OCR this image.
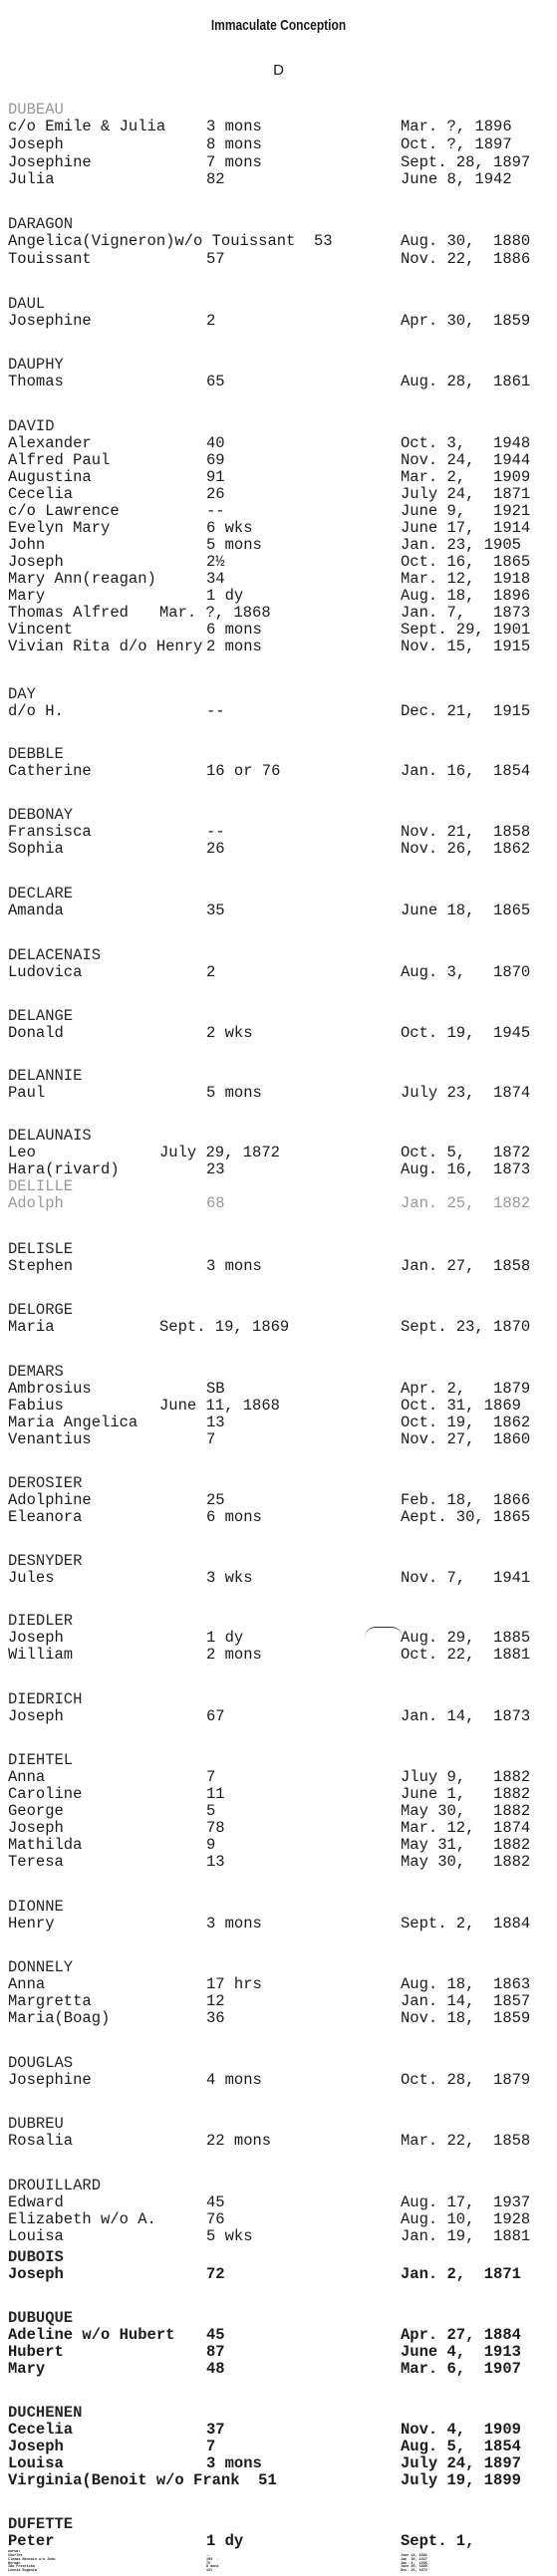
Immaculate Conception
D
DUBEAU
c/o Emile & Julia	3 mons	Mar. ?, 1896
Joseph	8 mons	Oct. ?, 1897
Josephine	7 mons	Sept. 28, 1897
Julia	82	June 8, 1942
DARAGON
Angelica(Vigneron)w/o Touissant  53	Aug. 30,  1880
Touissant	57	Nov. 22,  1886
DAUL
Josephine	2	Apr. 30,  1859
DAUPHY
Thomas	65	Aug. 28,  1861
DAVID
Alexander	40	Oct. 3,   1948
Alfred Paul	69	Nov. 24,  1944
Augustina	91	Mar. 2,   1909
Cecelia	26	July 24,  1871
c/o Lawrence	--	June 9,   1921
Evelyn Mary	6 wks	June 17,  1914
John	5 mons	Jan. 23, 1905
Joseph	2½	Oct. 16,  1865
Mary Ann(reagan)	34	Mar. 12,  1918
Mary	1 dy	Aug. 18,  1896
Thomas Alfred Mar. ?, 1868	Jan. 7,   1873
Vincent	6 mons	Sept. 29, 1901
Vivian Rita d/o Henry 2 mons	Nov. 15,  1915
DAY
d/o H.	--	Dec. 21,  1915
DEBBLE
Catherine	16 or 76	Jan. 16,  1854
DEBONAY
Fransisca	--	Nov. 21,  1858
Sophia	26	Nov. 26,  1862
DECLARE
Amanda	35	June 18,  1865
DELACENAIS
Ludovica	2	Aug. 3,   1870
DELANGE
Donald	2 wks	Oct. 19,  1945
DELANNIE
Paul	5 mons	July 23,  1874
DELAUNAIS
Leo	July 29, 1872	Oct. 5,   1872
Hara(rivard)	23	Aug. 16,  1873
DELILLE
Adolph	68	Jan. 25,  1882
DELISLE
Stephen	3 mons	Jan. 27,  1858
DELORGE
Maria	Sept. 19, 1869	Sept. 23, 1870
DEMARS
Ambrosius	SB	Apr. 2,   1879
Fabius	June 11, 1868	Oct. 31, 1869
Maria Angelica	13	Oct. 19,  1862
Venantius	7	Nov. 27,  1860
DEROSIER
Adolphine	25	Feb. 18,  1866
Eleanora	6 mons	Aept. 30, 1865
DESNYDER
Jules	3 wks	Nov. 7,   1941
DIEDLER
Joseph	1 dy	Aug. 29,  1885
William	2 mons	Oct. 22,  1881
DIEDRICH
Joseph	67	Jan. 14,  1873
DIEHTEL
Anna	7	Jluy 9,   1882
Caroline	11	June 1,   1882
George	5	May 30,   1882
Joseph	78	Mar. 12,  1874
Mathilda	9	May 31,   1882
Teresa	13	May 30,   1882
DIONNE
Henry	3 mons	Sept. 2,  1884
DONNELY
Anna	17 hrs	Aug. 18,  1863
Margretta	12	Jan. 14,  1857
Maria(Boag)	36	Nov. 18,  1859
DOUGLAS
Josephine	4 mons	Oct. 28,  1879
DUBREU
Rosalia	22 mons	Mar. 22,  1858
DROUILLARD
Edward	45	Aug. 17,  1937
Elizabeth w/o A.	76	Aug. 10,  1928
Louisa	5 wks	Jan. 19,  1881
DUBOIS
Joseph	72	Jan. 2,  1871
DUBUQUE
Adeline w/o Hubert 45	Apr. 27, 1884
Hubert	87	June 4,  1913
Mary	48	Mar. 6,  1907
DUCHENEN
Cecelia	37	Nov. 4,  1909
Joseph	7	Aug. 5,  1854
Louisa	3 mons	July 24, 1897
Virginia(Benoit w/o Frank  51	July 19, 1899
DUFETTE
Peter	1 dy	Sept. 1,
DUPONT
Charles	--	June 14, 1881
Clemas Hencain w/o John	103	Jan. 30, 1927
Herman	75	Jan. 4,  1936
Ida Fredricka	8 mons	June 20, 1880
Leonia Eugenia	12½	Dec. 25, 1872
